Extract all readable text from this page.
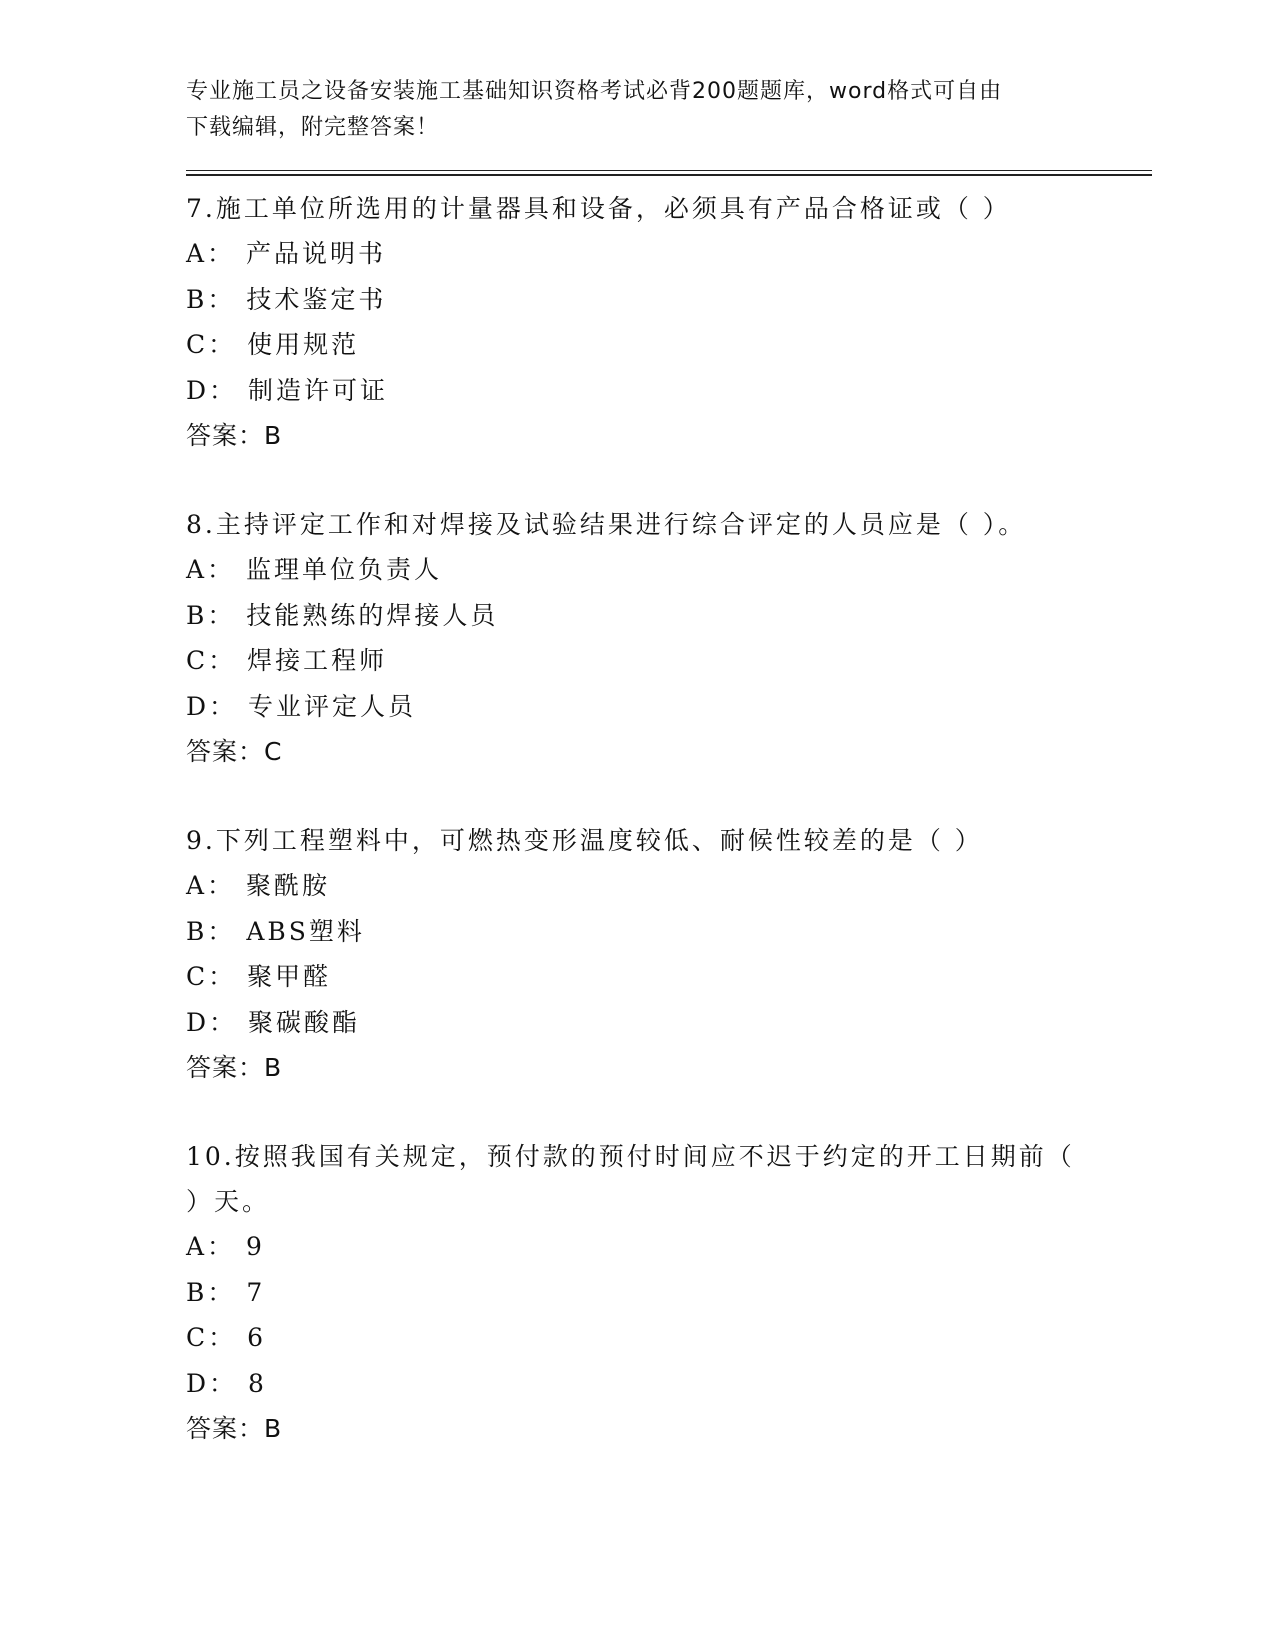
专业施工员之设备安装施工基础知识资格考试必背200题题库，word格式可自由
下载编辑，附完整答案！

7.施工单位所选用的计量器具和设备，必须具有产品合格证或（ ）

A： 产品说明书
B： 技术鉴定书
C： 使用规范
D： 制造许可证

答案：B

8.主持评定工作和对焊接及试验结果进行综合评定的人员应是（ ）。

A： 监理单位负责人
B： 技能熟练的焊接人员
C： 焊接工程师
D： 专业评定人员

答案：C

9.下列工程塑料中，可燃热变形温度较低、耐候性较差的是（ ）

A： 聚酰胺
B： ABS塑料
C： 聚甲醛
D： 聚碳酸酯

答案：B

10.按照我国有关规定，预付款的预付时间应不迟于约定的开工日期前（ ）天。

A： 9
B： 7
C： 6
D： 8

答案：B
